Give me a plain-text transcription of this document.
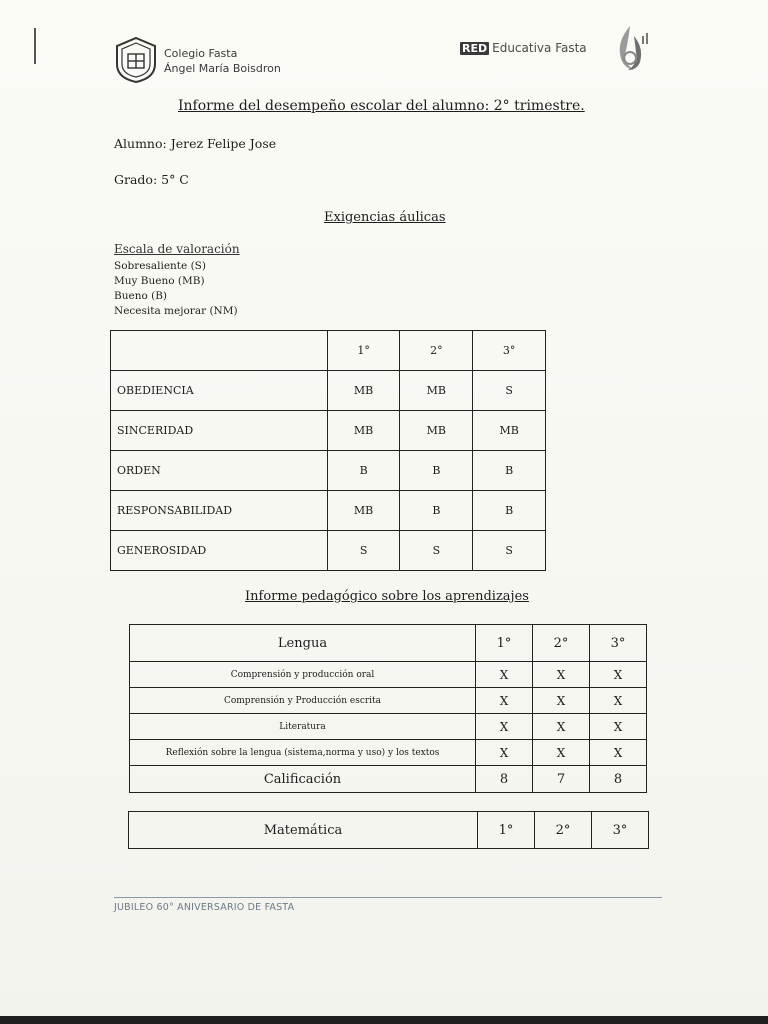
Colegio Fasta
Ángel María Boisdron
RED Educativa Fasta
Informe del desempeño escolar del alumno: 2° trimestre.
Alumno: Jerez Felipe Jose
Grado: 5° C
Exigencias áulicas
Escala de valoración
Sobresaliente (S)
Muy Bueno (MB)
Bueno (B)
Necesita mejorar (NM)
	1°	2°	3°
OBEDIENCIA	MB	MB	S
SINCERIDAD	MB	MB	MB
ORDEN	B	B	B
RESPONSABILIDAD	MB	B	B
GENEROSIDAD	S	S	S
Informe pedagógico sobre los aprendizajes
Lengua	1°	2°	3°
Comprensión y producción oral	X	X	X
Comprensión y Producción escrita	X	X	X
Literatura	X	X	X
Reflexión sobre la lengua (sistema,norma y uso) y los textos	X	X	X
Calificación	8	7	8
Matemática	1°	2°	3°
JUBILEO 60° ANIVERSARIO DE FASTA
